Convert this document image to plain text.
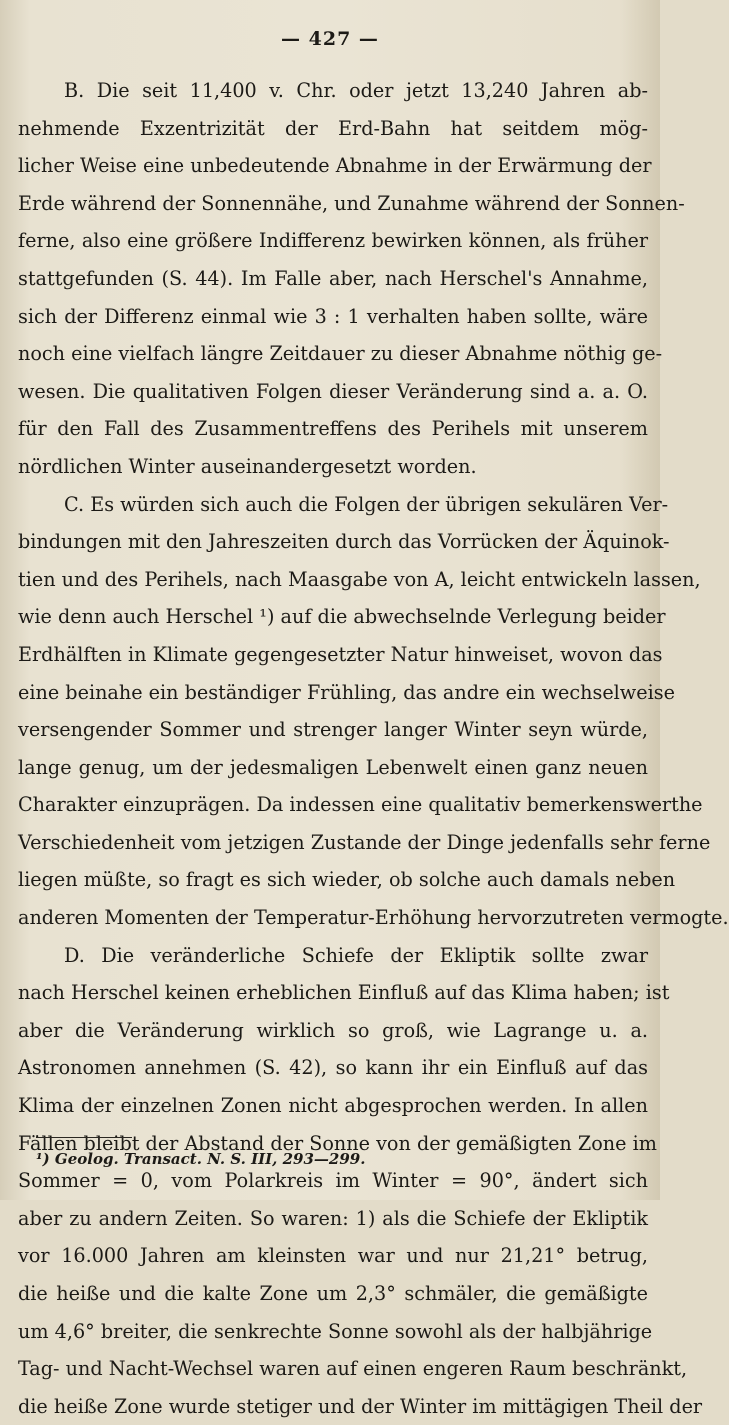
— 427 —
B. Die seit 11,400 v. Chr. oder jetzt 13,240 Jahren ab-
nehmende Exzentrizität der Erd-Bahn hat seitdem mög-
licher Weise eine unbedeutende Abnahme in der Erwärmung der
Erde während der Sonnennähe, und Zunahme während der Sonnen-
ferne, also eine größere Indifferenz bewirken können, als früher
stattgefunden (S. 44). Im Falle aber, nach Herschel's Annahme,
sich der Differenz einmal wie 3 : 1 verhalten haben sollte, wäre
noch eine vielfach längre Zeitdauer zu dieser Abnahme nöthig ge-
wesen. Die qualitativen Folgen dieser Veränderung sind a. a. O.
für den Fall des Zusammentreffens des Perihels mit unserem
nördlichen Winter auseinandergesetzt worden.
C. Es würden sich auch die Folgen der übrigen sekulären Ver-
bindungen mit den Jahreszeiten durch das Vorrücken der Äquinok-
tien und des Perihels, nach Maasgabe von A, leicht entwickeln lassen,
wie denn auch Herschel ¹) auf die abwechselnde Verlegung beider
Erdhälften in Klimate gegengesetzter Natur hinweiset, wovon das
eine beinahe ein beständiger Frühling, das andre ein wechselweise
versengender Sommer und strenger langer Winter seyn würde,
lange genug, um der jedesmaligen Lebenwelt einen ganz neuen
Charakter einzuprägen. Da indessen eine qualitativ bemerkenswerthe
Verschiedenheit vom jetzigen Zustande der Dinge jedenfalls sehr ferne
liegen müßte, so fragt es sich wieder, ob solche auch damals neben
anderen Momenten der Temperatur-Erhöhung hervorzutreten vermogte.
D. Die veränderliche Schiefe der Ekliptik sollte zwar
nach Herschel keinen erheblichen Einfluß auf das Klima haben; ist
aber die Veränderung wirklich so groß, wie Lagrange u. a.
Astronomen annehmen (S. 42), so kann ihr ein Einfluß auf das
Klima der einzelnen Zonen nicht abgesprochen werden. In allen
Fällen bleibt der Abstand der Sonne von der gemäßigten Zone im
Sommer = 0, vom Polarkreis im Winter = 90°, ändert sich
aber zu andern Zeiten. So waren: 1) als die Schiefe der Ekliptik
vor 16.000 Jahren am kleinsten war und nur 21,21° betrug,
die heiße und die kalte Zone um 2,3° schmäler, die gemäßigte
um 4,6° breiter, die senkrechte Sonne sowohl als der halbjährige
Tag- und Nacht-Wechsel waren auf einen engeren Raum beschränkt,
die heiße Zone wurde stetiger und der Winter im mittägigen Theil der
¹) Geolog. Transact. N. S. III, 293—299.
